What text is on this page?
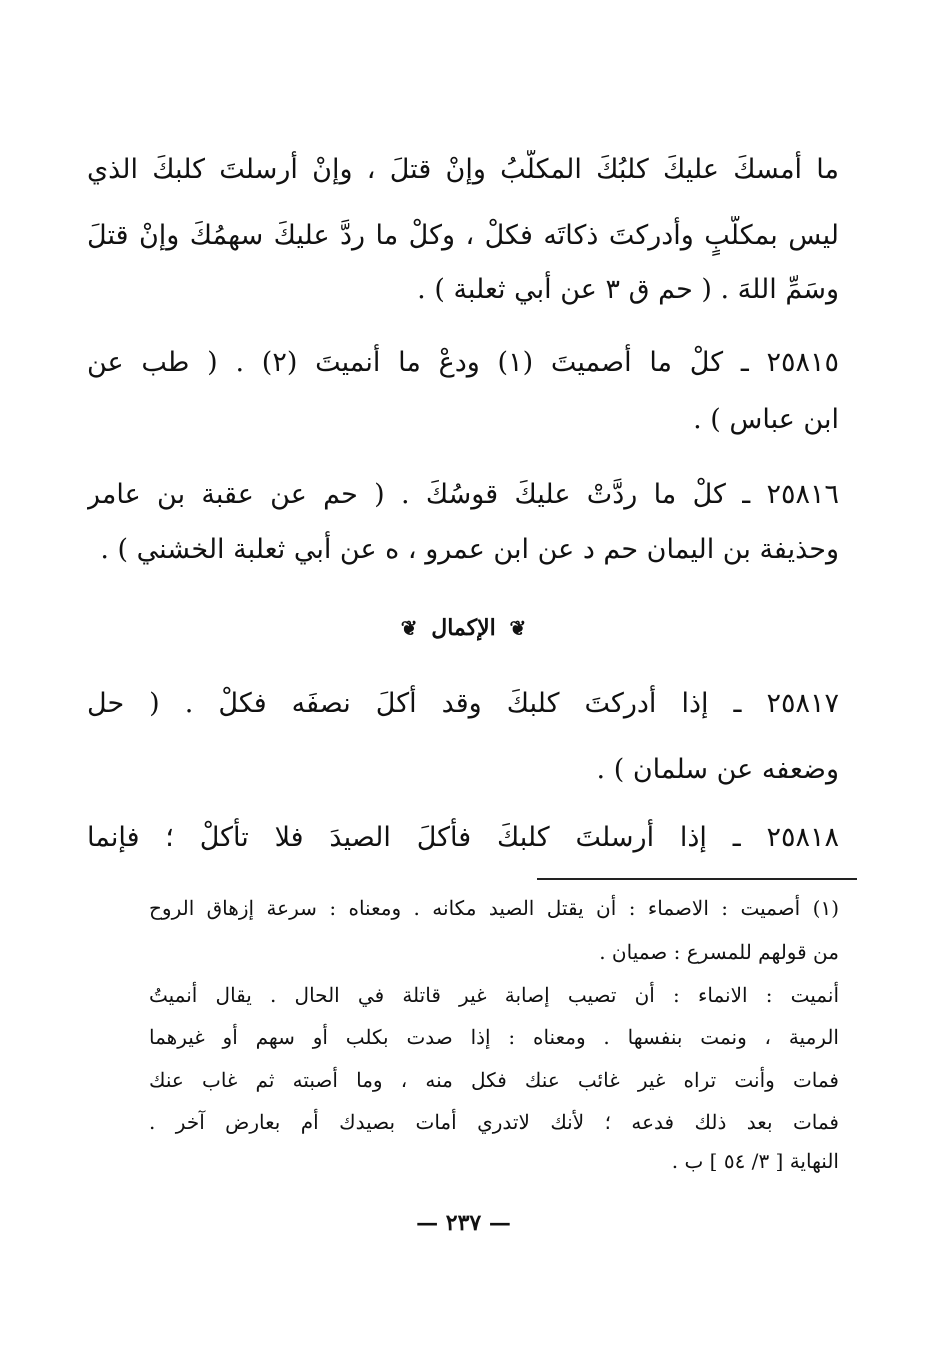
ما أمسكَ عليكَ كلبُكَ المكلّبُ وإنْ قتلَ ، وإنْ أرسلتَ كلبكَ الذي
ليس بمكلّبٍ وأدركتَ ذكاتَه فكلْ ، وكلْ ما ردَّ عليكَ سهمُكَ وإنْ قتلَ
وسَمِّ اللهَ . ( حم ق ٣ عن أبي ثعلبة ) .
٢٥٨١٥ ـ كلْ ما أصميتَ (١) ودعْ ما أنميتَ (٢) . ( طب عن
ابن عباس ) .
٢٥٨١٦ ـ كلْ ما ردَّتْ عليكَ قوسُكَ . ( حم عن عقبة بن عامر
وحذيفة بن اليمان حم د عن ابن عمرو ، ه عن أبي ثعلبة الخشني ) .
❦ الإكمال ❦
٢٥٨١٧ ـ إذا أدركتَ كلبكَ وقد أكلَ نصفَه فكلْ . ( حل
وضعفه عن سلمان ) .
٢٥٨١٨ ـ إذا أرسلتَ كلبكَ فأكلَ الصيدَ فلا تأكلْ ؛ فإنما
(١) أصميت : الاصماء : أن يقتل الصيد مكانه . ومعناه : سرعة إزهاق الروح
من قولهم للمسرع : صميان .
أنميت : الانماء : أن تصيب إصابة غير قاتلة في الحال . يقال أنميتُ
الرمية ، ونمت بنفسها . ومعناه : إذا صدت بكلب أو سهم أو غيرهما
فمات وأنت تراه غير غائب عنك فكل منه ، وما أصبته ثم غاب عنك
فمات بعد ذلك فدعه ؛ لأنك لاتدري أمات بصيدك أم بعارض آخر .
النهاية [ ٣/ ٥٤ ] ب .
— ٢٣٧ —
